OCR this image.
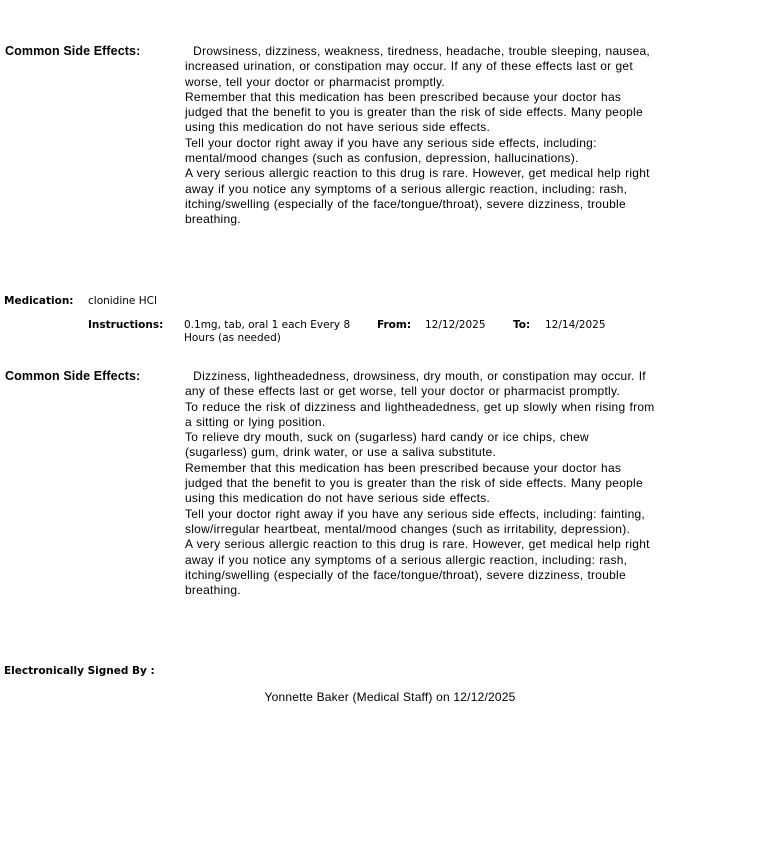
Common Side Effects:	Drowsiness, dizziness, weakness, tiredness, headache, trouble sleeping, nausea, increased urination, or constipation may occur. If any of these effects last or get worse, tell your doctor or pharmacist promptly.

Remember that this medication has been prescribed because your doctor has judged that the benefit to you is greater than the risk of side effects. Many people using this medication do not have serious side effects.

Tell your doctor right away if you have any serious side effects, including: mental/mood changes (such as confusion, depression, hallucinations).

A very serious allergic reaction to this drug is rare. However, get medical help right away if you notice any symptoms of a serious allergic reaction, including: rash, itching/swelling (especially of the face/tongue/throat), severe dizziness, trouble breathing.

Medication: clonidine HCl
Instructions: 0.1mg, tab, oral 1 each Every 8 Hours (as needed)
From: 12/12/2025	To: 12/14/2025
Common Side Effects:	Dizziness, lightheadedness, drowsiness, dry mouth, or constipation may occur. If any of these effects last or get worse, tell your doctor or pharmacist promptly.

To reduce the risk of dizziness and lightheadedness, get up slowly when rising from a sitting or lying position.

To relieve dry mouth, suck on (sugarless) hard candy or ice chips, chew (sugarless) gum, drink water, or use a saliva substitute.

Remember that this medication has been prescribed because your doctor has judged that the benefit to you is greater than the risk of side effects. Many people using this medication do not have serious side effects.

Tell your doctor right away if you have any serious side effects, including: fainting, slow/irregular heartbeat, mental/mood changes (such as irritability, depression).

A very serious allergic reaction to this drug is rare. However, get medical help right away if you notice any symptoms of a serious allergic reaction, including: rash, itching/swelling (especially of the face/tongue/throat), severe dizziness, trouble breathing.

Electronically Signed By :
Yonnette Baker (Medical Staff) on 12/12/2025
